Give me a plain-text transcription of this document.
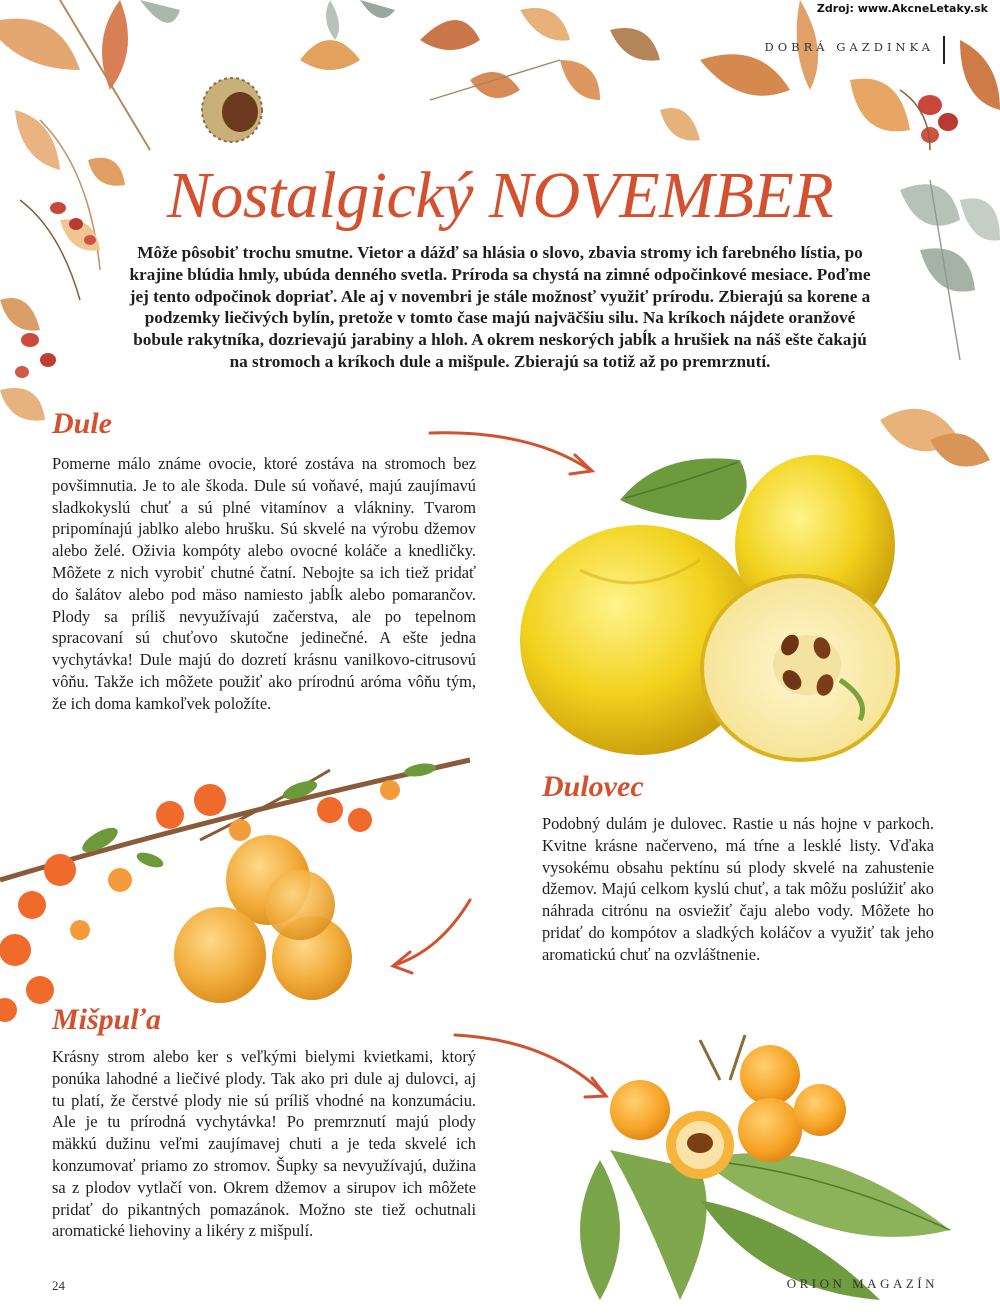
Zdroj: www.AkcneLetaky.sk
DOBRÁ GAZDINKA
Nostalgický NOVEMBER
Môže pôsobiť trochu smutne. Vietor a dážď sa hlásia o slovo, zbavia stromy ich farebného lístia, po krajine blúdia hmly, ubúda denného svetla. Príroda sa chystá na zimné odpočinkové mesiace. Poďme jej tento odpočinok dopriať. Ale aj v novembri je stále možnosť využiť prírodu. Zbierajú sa korene a podzemky liečivých bylín, pretože v tomto čase majú najväčšiu silu. Na kríkoch nájdete oranžové bobule rakytníka, dozrievajú jarabiny a hloh. A okrem neskorých jabĺk a hrušiek na náš ešte čakajú na stromoch a kríkoch dule a mišpule. Zbierajú sa totiž až po premrznutí.
Dule
Pomerne málo známe ovocie, ktoré zostáva na stromoch bez povšimnutia. Je to ale škoda. Dule sú voňavé, majú zaujímavú sladkokyslú chuť a sú plné vitamínov a vlákniny. Tvarom pripomínajú jablko alebo hrušku. Sú skvelé na výrobu džemov alebo želé. Oživia kompóty alebo ovocné koláče a knedličky. Môžete z nich vyrobiť chutné čatní. Nebojte sa ich tiež pridať do šalátov alebo pod mäso namiesto jabĺk alebo pomarančov. Plody sa príliš nevyužívajú začerstva, ale po tepelnom spracovaní sú chuťovo skutočne jedinečné. A ešte jedna vychytávka! Dule majú do dozretí krásnu vanilkovo-citrusovú vôňu. Takže ich môžete použiť ako prírodnú aróma vôňu tým, že ich doma kamkoľvek položíte.
Dulovec
Podobný dulám je dulovec. Rastie u nás hojne v parkoch. Kvitne krásne načerveno, má tŕne a lesklé listy. Vďaka vysokému obsahu pektínu sú plody skvelé na zahustenie džemov. Majú celkom kyslú chuť, a tak môžu poslúžiť ako náhrada citrónu na osviežiť čaju alebo vody. Môžete ho pridať do kompótov a sladkých koláčov a využiť tak jeho aromatickú chuť na ozvláštnenie.
Mišpuľa
Krásny strom alebo ker s veľkými bielymi kvietkami, ktorý ponúka lahodné a liečivé plody. Tak ako pri dule aj dulovci, aj tu platí, že čerstvé plody nie sú príliš vhodné na konzumáciu. Ale je tu prírodná vychytávka! Po premrznutí majú plody mäkkú dužinu veľmi zaujímavej chuti a je teda skvelé ich konzumovať priamo zo stromov. Šupky sa nevyužívajú, dužina sa z plodov vytlačí von. Okrem džemov a sirupov ich môžete pridať do pikantných pomazánok. Možno ste tiež ochutnali aromatické liehoviny a likéry z mišpulí.
24	ORION MAGAZÍN
